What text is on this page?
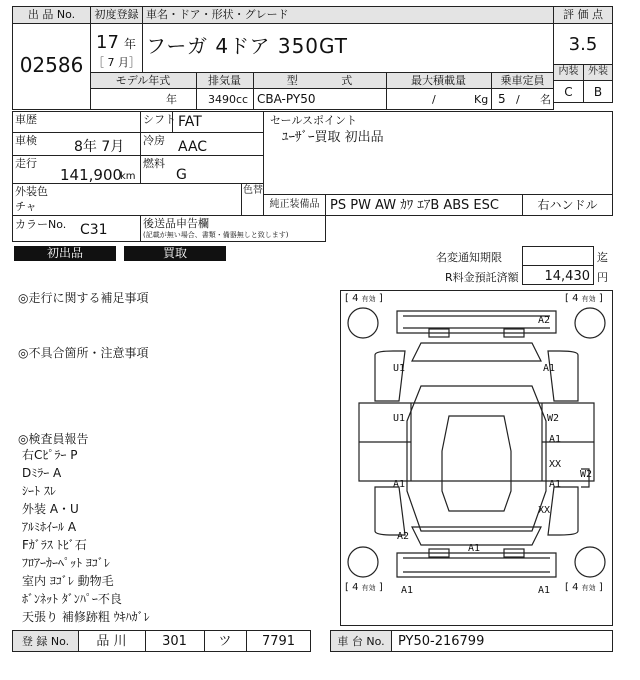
出 品 No.
02586
初度登録 車名・ドア・形状・グレード
17 年
［ 7 月］
フーガ 4ドア 350GT
評 価 点
3.5
内装 外装
C	B
モデル年式	排気量	型 式	最大積載量	乗車定員
年	3490 cc CBA-PY50	/	Kg 5 / 名
車歴	シフト FAT
車検	8年 7月 冷房 AAC
走行
141,900
km
燃料
G
外装色
チャ
色替
カラーNo. C31	後送品申告欄
(記載が無い場合、書類・備器無しと致します)
セールスポイント
ﾕｰｻﾞｰ買取 初出品
純正装備品 PS PW AW ｶﾜ ｴｱB ABS ESC	右ハンドル
初出品	買取	名変通知期限	迄
R料金預託済額	14,430 円
◎走行に関する補足事項
◎不具合箇所・注意事項
◎検査員報告
右Cﾋﾟﾗｰ P
Dﾐﾗｰ A
ｼｰﾄ ｽﾚ
外装 A・U
ｱﾙﾐﾎｲｰﾙ A
Fｶﾞﾗｽ ﾄﾋﾞ石
ﾌﾛｱｰｶｰﾍﾟｯﾄ ﾖｺﾞﾚ
室内 ﾖｺﾞﾚ 動物毛
ﾎﾞﾝﾈｯﾄ ﾀﾞﾝﾊﾟｰ不良
天張り 補修跡粗 ｳｷﾊｶﾞﾚ
[ 4 有効 ]	[ 4 有効 ]
[ 4 有効 ]	[ 4 有効 ]
A2
U1	A1
U1	W2
A1
XX
A1
W2
A1
XX
A2
A1
A1	A1
登 録 No.	品 川	301	ツ	7791	車 台 No.	PY50-216799
